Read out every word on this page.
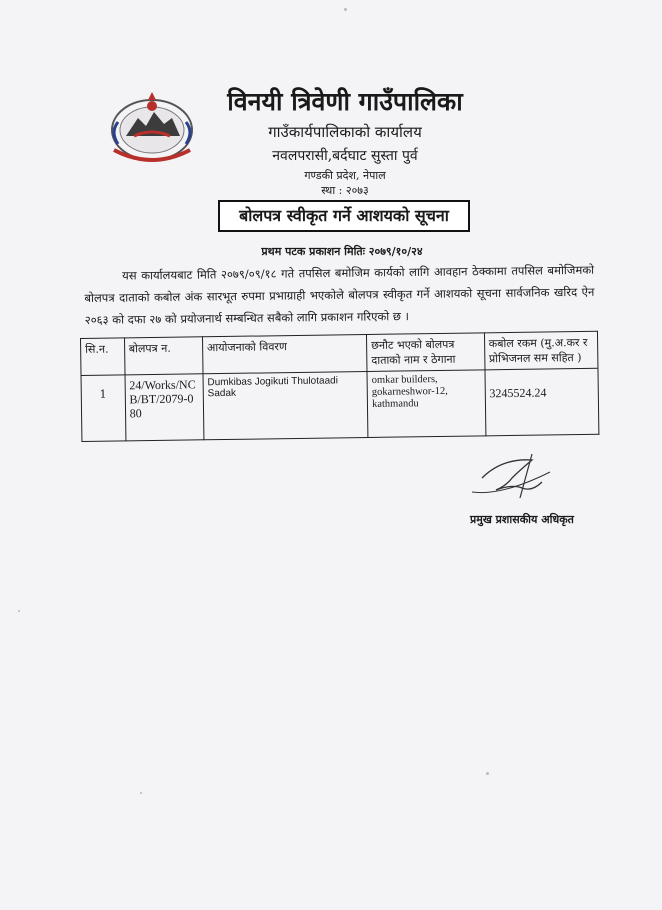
विनयी त्रिवेणी गाउँपालिका
गाउँकार्यपालिकाको कार्यालय
नवलपरासी,बर्दघाट सुस्ता पुर्व
गण्डकी प्रदेश, नेपाल
स्था : २०७३
बोलपत्र स्वीकृत गर्ने आशयको सूचना
प्रथम पटक प्रकाशन मितिः २०७९/१०/२४
यस कार्यालयबाट मिति २०७९/०९/१८ गते तपसिल बमोजिम कार्यको लागि आवहान ठेक्कामा तपसिल बमोजिमको बोलपत्र दाताको कबोल अंक सारभूत रुपमा प्रभाग्राही भएकोले बोलपत्र स्वीकृत गर्ने आशयको सूचना सार्वजनिक खरिद ऐन २०६३ को दफा २७ को प्रयोजनार्थ सम्बन्धित सबैको लागि प्रकाशन गरिएको छ ।
सि.न.	बोलपत्र न.	आयोजनाको विवरण	छनौट भएको बोलपत्र दाताको नाम र ठेगाना	कबोल रकम (मु.अ.कर र प्रोभिजनल सम सहित )
1	24/Works/NCB/BT/2079-080	Dumkibas Jogikuti Thulotaadi Sadak	omkar builders, gokarneshwor-12, kathmandu	3245524.24
प्रमुख प्रशासकीय अधिकृत
